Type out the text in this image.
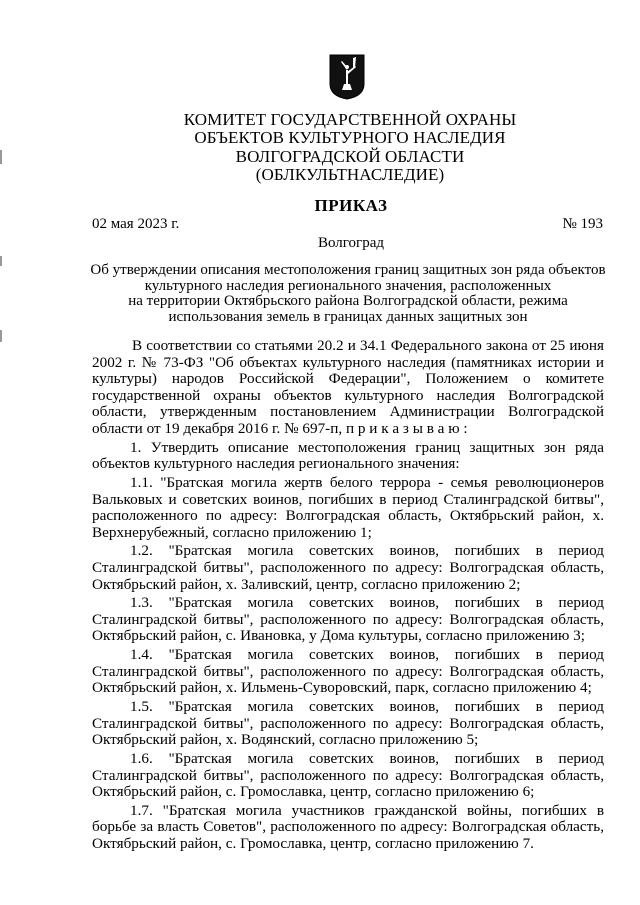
КОМИТЕТ ГОСУДАРСТВЕННОЙ ОХРАНЫ
ОБЪЕКТОВ КУЛЬТУРНОГО НАСЛЕДИЯ
ВОЛГОГРАДСКОЙ ОБЛАСТИ
(ОБЛКУЛЬТНАСЛЕДИЕ)
ПРИКАЗ
02 мая 2023 г.	№ 193
Волгоград
Об утверждении описания местоположения границ защитных зон ряда объектов
культурного наследия регионального значения, расположенных
на территории Октябрьского района Волгоградской области, режима
использования земель в границах данных защитных зон

В соответствии со статьями 20.2 и 34.1 Федерального закона от 25 июня 2002 г. № 73-ФЗ "Об объектах культурного наследия (памятниках истории и культуры) народов Российской Федерации", Положением о комитете государственной охраны объектов культурного наследия Волгоградской области, утвержденным постановлением Администрации Волгоградской области от 19 декабря 2016 г. № 697-п, п р и к а з ы в а ю :

1. Утвердить описание местоположения границ защитных зон ряда объектов культурного наследия регионального значения:

1.1. "Братская могила жертв белого террора - семья революционеров Вальковых и советских воинов, погибших в период Сталинградской битвы", расположенного по адресу: Волгоградская область, Октябрьский район, х. Верхнерубежный, согласно приложению 1;

1.2. "Братская могила советских воинов, погибших в период Сталинградской битвы", расположенного по адресу: Волгоградская область, Октябрьский район, х. Заливский, центр, согласно приложению 2;

1.3. "Братская могила советских воинов, погибших в период Сталинградской битвы", расположенного по адресу: Волгоградская область, Октябрьский район, с. Ивановка, у Дома культуры, согласно приложению 3;

1.4. "Братская могила советских воинов, погибших в период Сталинградской битвы", расположенного по адресу: Волгоградская область, Октябрьский район, х. Ильмень-Суворовский, парк, согласно приложению 4;

1.5. "Братская могила советских воинов, погибших в период Сталинградской битвы", расположенного по адресу: Волгоградская область, Октябрьский район, х. Водянский, согласно приложению 5;

1.6. "Братская могила советских воинов, погибших в период Сталинградской битвы", расположенного по адресу: Волгоградская область, Октябрьский район, с. Громославка, центр, согласно приложению 6;

1.7. "Братская могила участников гражданской войны, погибших в борьбе за власть Советов", расположенного по адресу: Волгоградская область, Октябрьский район, с. Громославка, центр, согласно приложению 7.
